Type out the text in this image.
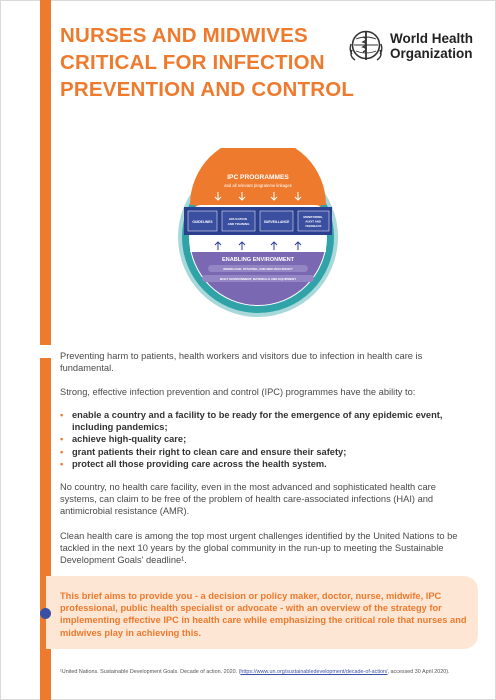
NURSES AND MIDWIVES
CRITICAL FOR INFECTION
PREVENTION AND CONTROL
World Health
Organization
IPC PROGRAMMES
and all relevant programme linkages
GUIDELINES
EDUCATION AND TRAINING	SURVEILLANCE
MONITORING, AUDIT AND FEEDBACK
ENABLING ENVIRONMENT
WORKLOAD, STAFFING, AND BED OCCUPANCY
BUILT ENVIRONMENT, MATERIALS AND EQUIPMENT
MULTIMODAL STRATEGIES
Preventing harm to patients, health workers and visitors due to infection in health care is fundamental.
Strong, effective infection prevention and control (IPC) programmes have the ability to:
• enable a country and a facility to be ready for the emergence of any epidemic event, including pandemics;
• achieve high-quality care;
• grant patients their right to clean care and ensure their safety;
• protect all those providing care across the health system.
No country, no health care facility, even in the most advanced and sophisticated health care systems, can claim to be free of the problem of health care-associated infections (HAI) and antimicrobial resistance (AMR).
Clean health care is among the top most urgent challenges identified by the United Nations to be tackled in the next 10 years by the global community in the run-up to meeting the Sustainable Development Goals' deadline¹.
This brief aims to provide you - a decision or policy maker, doctor, nurse, midwife, IPC professional, public health specialist or advocate - with an overview of the strategy for implementing effective IPC in health care while emphasizing the critical role that nurses and midwives play in achieving this.
¹United Nations. Sustainable Development Goals. Decade of action. 2020. (https://www.un.org/sustainabledevelopment/decade-of-action/, accessed 30 April 2020).
